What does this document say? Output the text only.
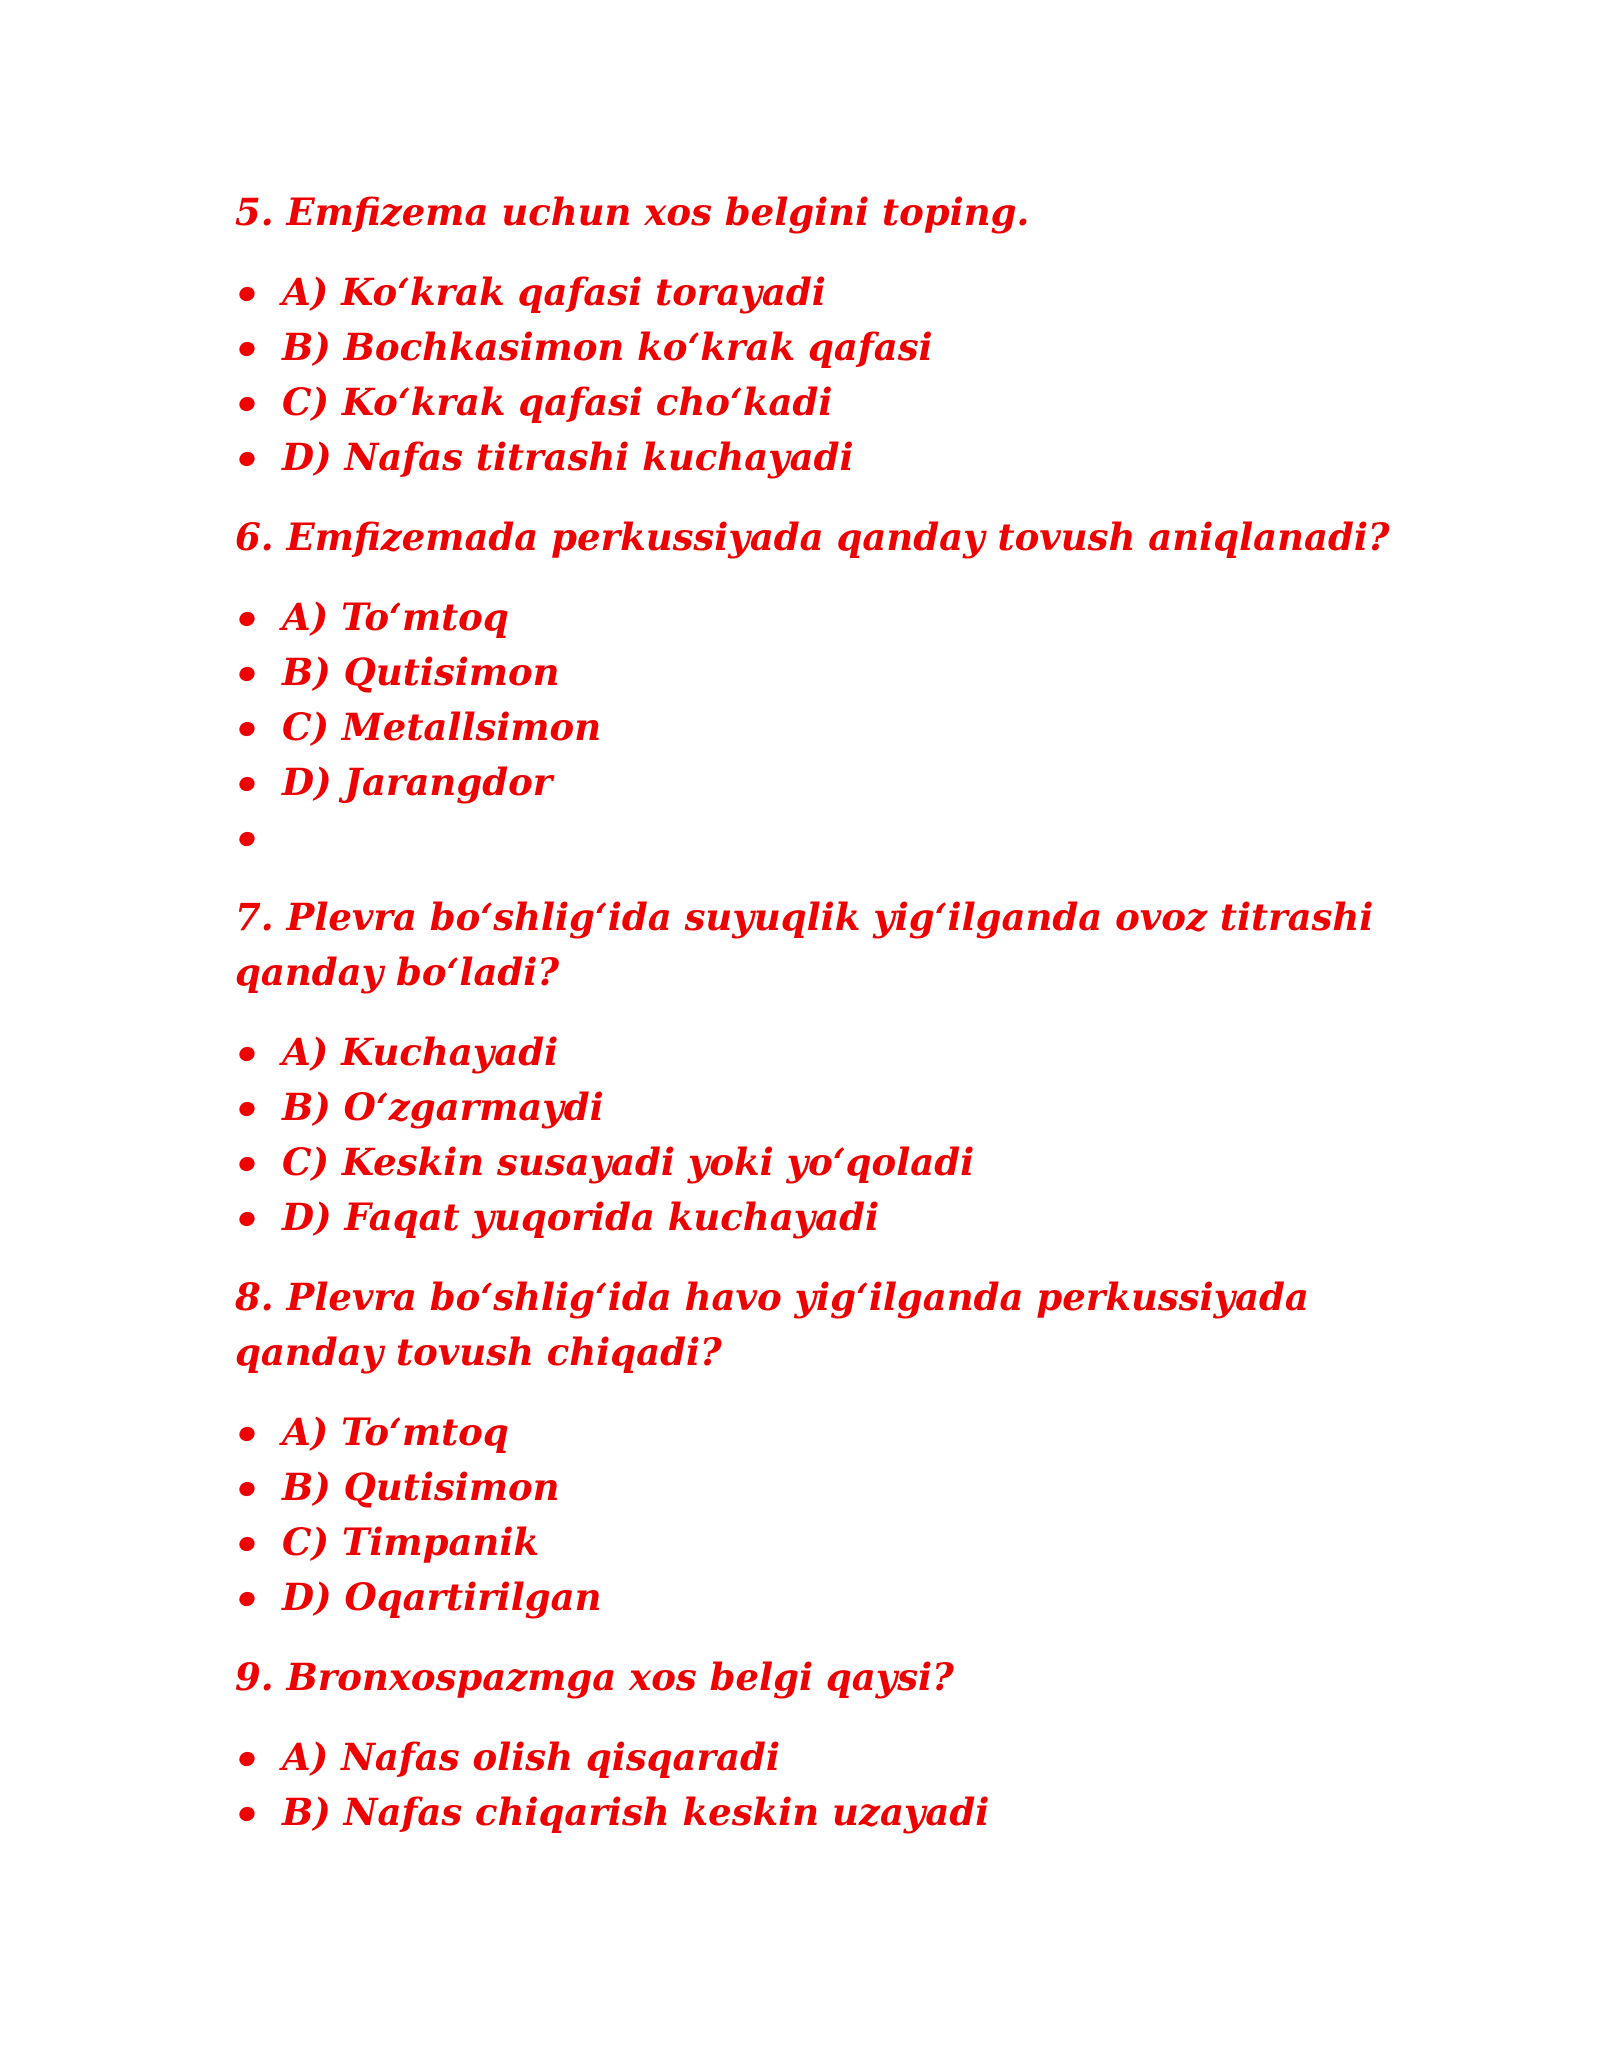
5. Emfizema uchun xos belgini toping.
A) Ko‘krak qafasi torayadi
B) Bochkasimon ko‘krak qafasi
C) Ko‘krak qafasi cho‘kadi
D) Nafas titrashi kuchayadi
6. Emfizemada perkussiyada qanday tovush aniqlanadi?
A) To‘mtoq
B) Qutisimon
C) Metallsimon
D) Jarangdor
7. Plevra bo‘shlig‘ida suyuqlik yig‘ilganda ovoz titrashi qanday bo‘ladi?
A) Kuchayadi
B) O‘zgarmaydi
C) Keskin susayadi yoki yo‘qoladi
D) Faqat yuqorida kuchayadi
8. Plevra bo‘shlig‘ida havo yig‘ilganda perkussiyada qanday tovush chiqadi?
A) To‘mtoq
B) Qutisimon
C) Timpanik
D) Oqartirilgan
9. Bronxospazmga xos belgi qaysi?
A) Nafas olish qisqaradi
B) Nafas chiqarish keskin uzayadi
